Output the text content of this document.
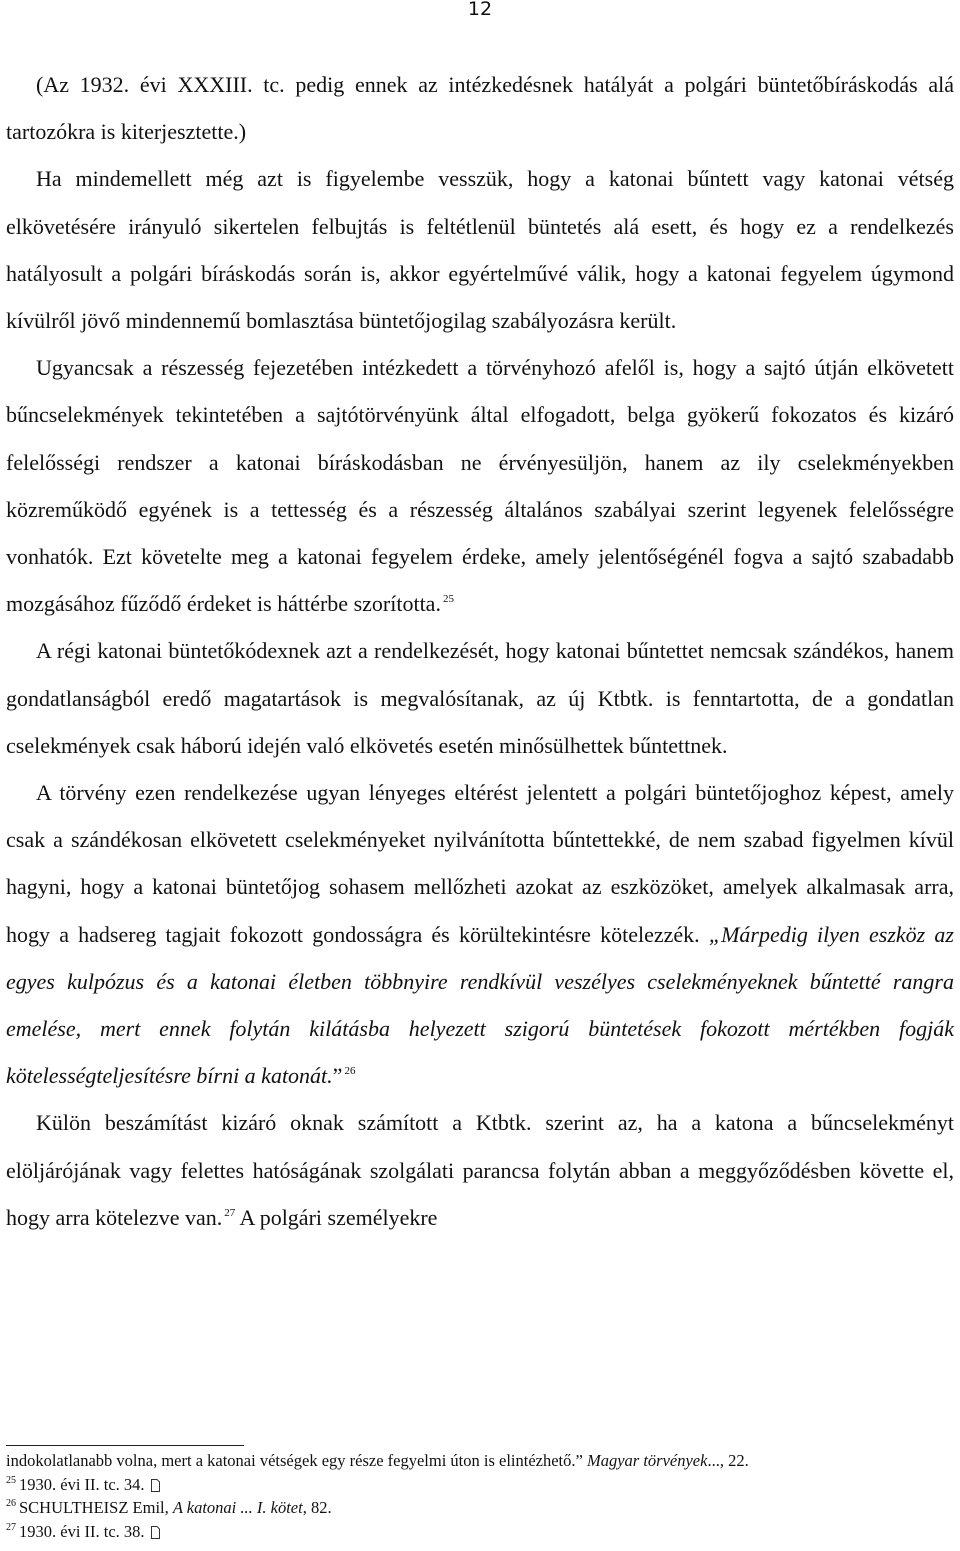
12

(Az 1932. évi XXXIII. tc. pedig ennek az intézkedésnek hatályát a polgári büntetőbíráskodás alá tartozókra is kiterjesztette.)

Ha mindemellett még azt is figyelembe vesszük, hogy a katonai bűntett vagy katonai vétség elkövetésére irányuló sikertelen felbujtás is feltétlenül büntetés alá esett, és hogy ez a rendelkezés hatályosult a polgári bíráskodás során is, akkor egyértelművé válik, hogy a katonai fegyelem úgymond kívülről jövő mindennemű bomlasztása büntetőjogilag szabályozásra került.

Ugyancsak a részesség fejezetében intézkedett a törvényhozó afelől is, hogy a sajtó útján elkövetett bűncselekmények tekintetében a sajtótörvényünk által elfogadott, belga gyökerű fokozatos és kizáró felelősségi rendszer a katonai bíráskodásban ne érvényesüljön, hanem az ily cselekményekben közreműködő egyének is a tettesség és a részesség általános szabályai szerint legyenek felelősségre vonhatók. Ezt követelte meg a katonai fegyelem érdeke, amely jelentőségénél fogva a sajtó szabadabb mozgásához fűződő érdeket is háttérbe szorította. $^{25}$

A régi katonai büntetőkódexnek azt a rendelkezését, hogy katonai bűntettet nemcsak szándékos, hanem gondatlanságból eredő magatartások is megvalósítanak, az új Ktbtk. is fenntartotta, de a gondatlan cselekmények csak háború idején való elkövetés esetén minősülhettek bűntettnek.

A törvény ezen rendelkezése ugyan lényeges eltérést jelentett a polgári büntetőjoghoz képest, amely csak a szándékosan elkövetett cselekményeket nyilvánította bűntettekké, de nem szabad figyelmen kívül hagyni, hogy a katonai büntetőjog sohasem mellőzheti azokat az eszközöket, amelyek alkalmasak arra, hogy a hadsereg tagjait fokozott gondosságra és körültekintésre kötelezzék. „Márpedig ilyen eszköz az egyes kulpózus és a katonai életben többnyire rendkívül veszélyes cselekményeknek bűntetté rangra emelése, mert ennek folytán kilátásba helyezett szigorú büntetések fokozott mértékben fogják kötelességteljesítésre bírni a katonát.” $^{26}$

Külön beszámítást kizáró oknak számított a Ktbtk. szerint az, ha a katona a bűncselekményt elöljárójának vagy felettes hatóságának szolgálati parancsa folytán abban a meggyőződésben követte el, hogy arra kötelezve van. $^{27}$ A polgári személyekre

indokolatlanabb volna, mert a katonai vétségek egy része fegyelmi úton is elintézhető.” Magyar törvények..., 22.
$^{25}$ 1930. évi II. tc. 34.
$^{26}$ SCHULTHEISZ Emil, A katonai ... I. kötet, 82.
$^{27}$ 1930. évi II. tc. 38.
